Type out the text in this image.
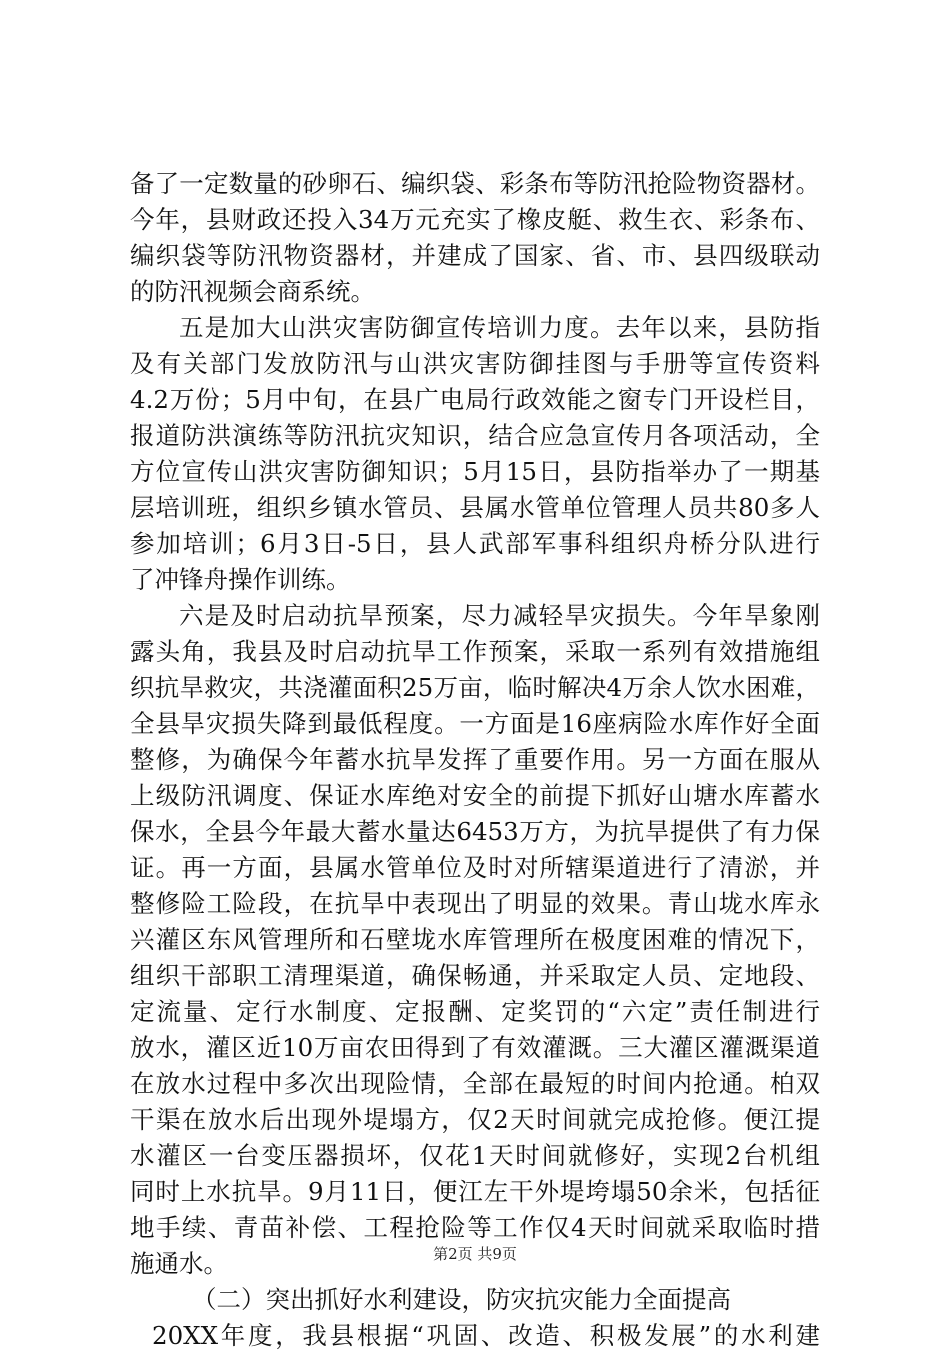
备了一定数量的砂卵石、编织袋、彩条布等防汛抢险物资器材。
今年，县财政还投入34万元充实了橡皮艇、救生衣、彩条布、
编织袋等防汛物资器材，并建成了国家、省、市、县四级联动
的防汛视频会商系统。
五是加大山洪灾害防御宣传培训力度。去年以来，县防指
及有关部门发放防汛与山洪灾害防御挂图与手册等宣传资料
4.2万份；5月中旬，在县广电局行政效能之窗专门开设栏目，
报道防洪演练等防汛抗灾知识，结合应急宣传月各项活动，全
方位宣传山洪灾害防御知识；5月15日，县防指举办了一期基
层培训班，组织乡镇水管员、县属水管单位管理人员共80多人
参加培训；6月3日-5日，县人武部军事科组织舟桥分队进行
了冲锋舟操作训练。
六是及时启动抗旱预案，尽力减轻旱灾损失。今年旱象刚
露头角，我县及时启动抗旱工作预案，采取一系列有效措施组
织抗旱救灾，共浇灌面积25万亩，临时解决4万余人饮水困难，
全县旱灾损失降到最低程度。一方面是16座病险水库作好全面
整修，为确保今年蓄水抗旱发挥了重要作用。另一方面在服从
上级防汛调度、保证水库绝对安全的前提下抓好山塘水库蓄水
保水，全县今年最大蓄水量达6453万方，为抗旱提供了有力保
证。再一方面，县属水管单位及时对所辖渠道进行了清淤，并
整修险工险段，在抗旱中表现出了明显的效果。青山垅水库永
兴灌区东风管理所和石壁垅水库管理所在极度困难的情况下，
组织干部职工清理渠道，确保畅通，并采取定人员、定地段、
定流量、定行水制度、定报酬、定奖罚的“六定”责任制进行
放水，灌区近10万亩农田得到了有效灌溉。三大灌区灌溉渠道
在放水过程中多次出现险情，全部在最短的时间内抢通。柏双
干渠在放水后出现外堤塌方，仅2天时间就完成抢修。便江提
水灌区一台变压器损坏，仅花1天时间就修好，实现2台机组
同时上水抗旱。9月11日，便江左干外堤垮塌50余米，包括征
地手续、青苗补偿、工程抢险等工作仅4天时间就采取临时措
施通水。
（二）突出抓好水利建设，防灾抗灾能力全面提高
20XX年度，我县根据“巩固、改造、积极发展”的水利建
第2页 共9页
